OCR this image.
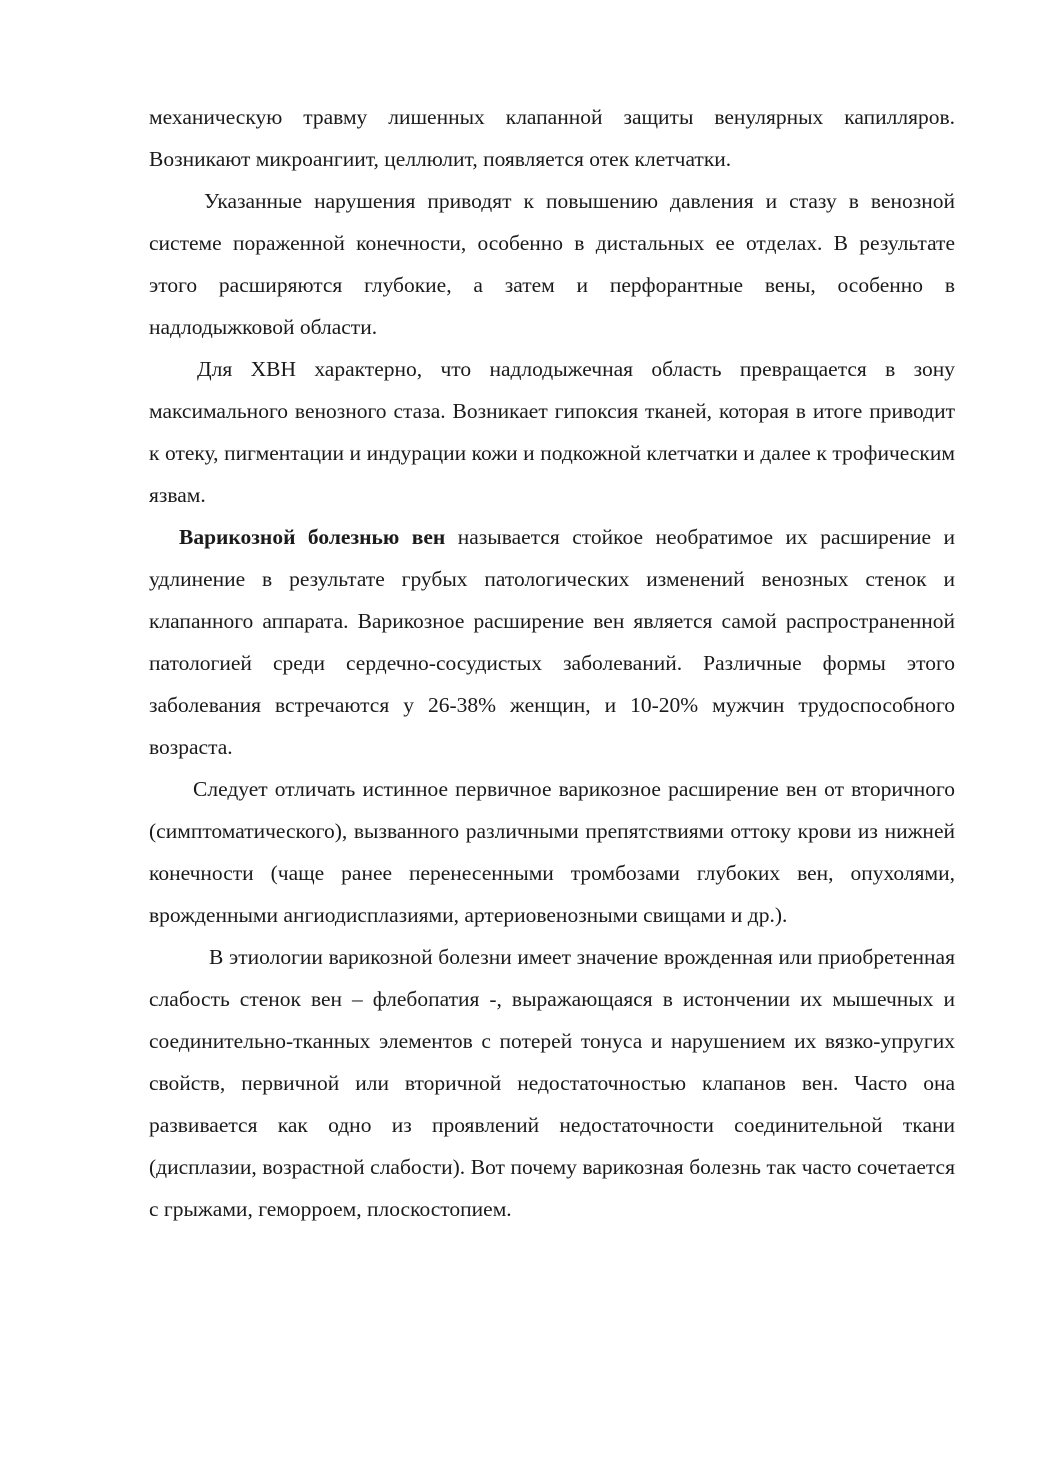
механическую травму лишенных клапанной защиты венулярных капилляров. Возникают микроангиит, целлюлит, появляется отек клетчатки.

Указанные нарушения приводят к повышению давления и стазу в венозной системе пораженной конечности, особенно в дистальных ее отделах. В результате этого расширяются глубокие, а затем и перфорантные вены, особенно в надлодыжковой области.

Для ХВН характерно, что надлодыжечная область превращается в зону максимального венозного стаза. Возникает гипоксия тканей, которая в итоге приводит к отеку, пигментации и индурации кожи и подкожной клетчатки и далее к трофическим язвам.

Варикозной болезнью вен называется стойкое необратимое их расширение и удлинение в результате грубых патологических изменений венозных стенок и клапанного аппарата. Варикозное расширение вен является самой распространенной патологией среди сердечно-сосудистых заболеваний. Различные формы этого заболевания встречаются у 26-38% женщин, и 10-20% мужчин трудоспособного возраста.

Следует отличать истинное первичное варикозное расширение вен от вторичного (симптоматического), вызванного различными препятствиями оттоку крови из нижней конечности (чаще ранее перенесенными тромбозами глубоких вен, опухолями, врожденными ангиодисплазиями, артериовенозными свищами и др.).

В этиологии варикозной болезни имеет значение врожденная или приобретенная слабость стенок вен – флебопатия -, выражающаяся в истончении их мышечных и соединительно-тканных элементов с потерей тонуса и нарушением их вязко-упругих свойств, первичной или вторичной недостаточностью клапанов вен. Часто она развивается как одно из проявлений недостаточности соединительной ткани (дисплазии, возрастной слабости). Вот почему варикозная болезнь так часто сочетается с грыжами, геморроем, плоскостопием.
